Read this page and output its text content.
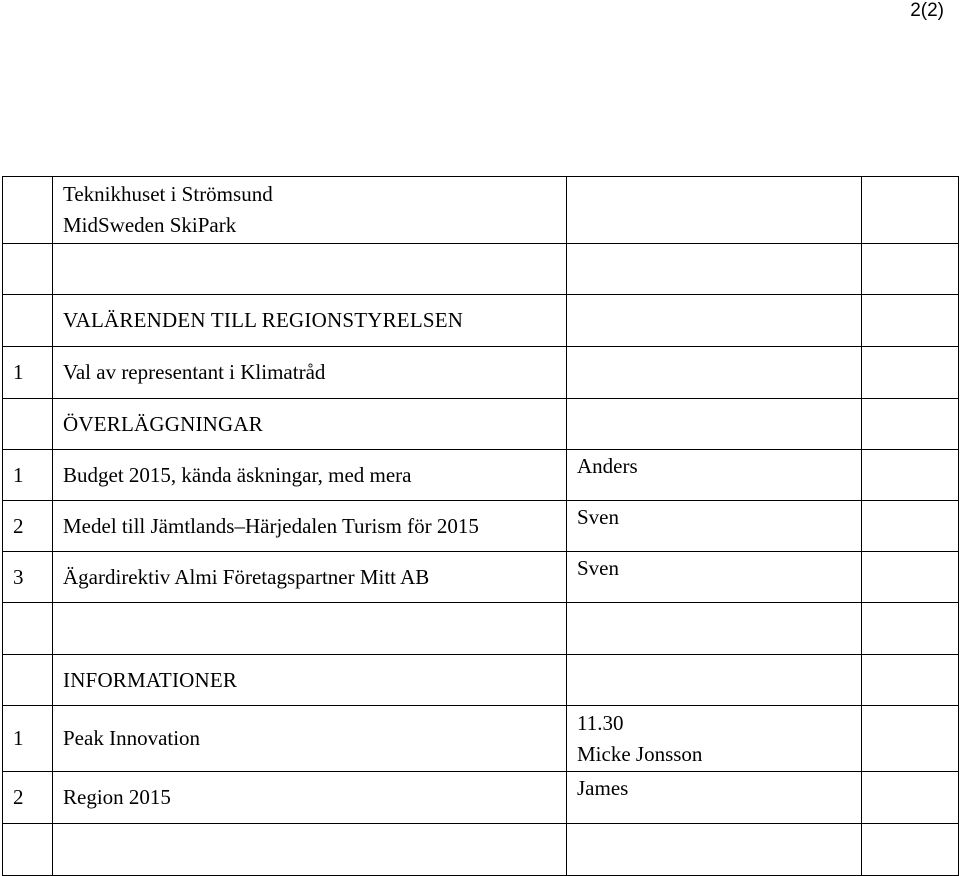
2(2)

	Teknikhuset i Strömsund
MidSweden SkiPark		

	VALÄRENDEN TILL REGIONSTYRELSEN		
1	Val av representant i Klimatråd		
	ÖVERLÄGGNINGAR		
1	Budget 2015, kända äskningar, med mera	Anders	
2	Medel till Jämtlands–Härjedalen Turism för 2015	Sven	
3	Ägardirektiv Almi Företagspartner Mitt AB	Sven	

	INFORMATIONER		
1	Peak Innovation	11.30
Micke Jonsson	

2	Region 2015	James	
